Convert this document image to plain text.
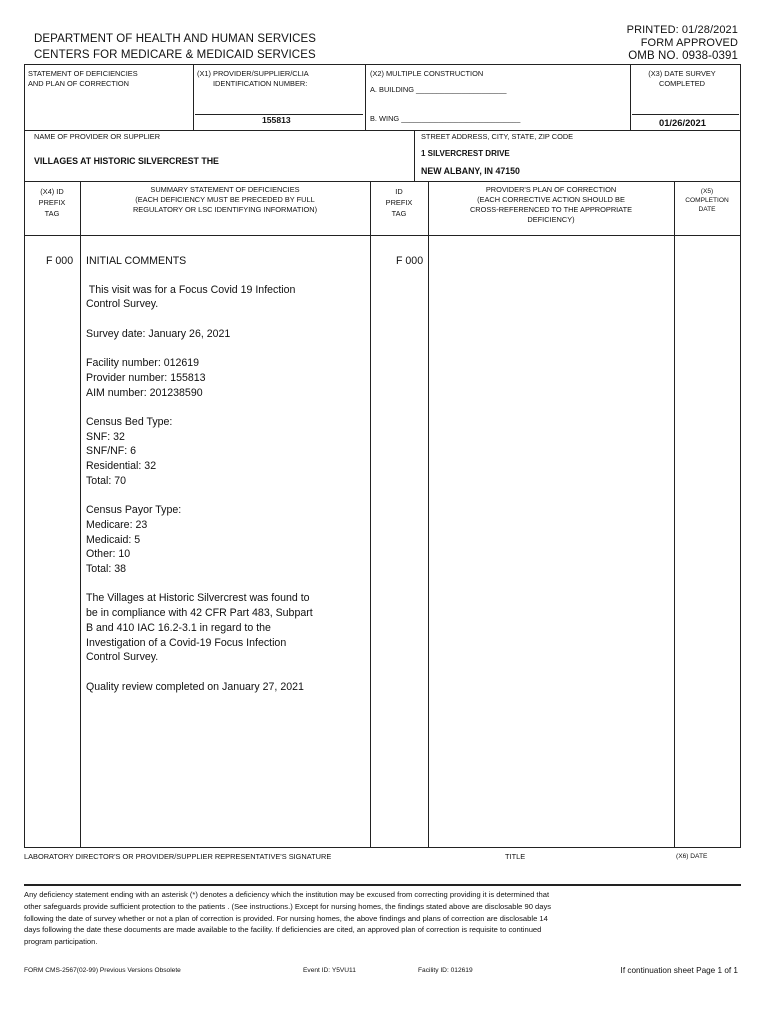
DEPARTMENT OF HEALTH AND HUMAN SERVICES
CENTERS FOR MEDICARE & MEDICAID SERVICES
PRINTED: 01/28/2021
FORM APPROVED
OMB NO. 0938-0391
STATEMENT OF DEFICIENCIES
AND PLAN OF CORRECTION
(X1) PROVIDER/SUPPLIER/CLIA
IDENTIFICATION NUMBER:
155813
(X2) MULTIPLE CONSTRUCTION
A. BUILDING ______________________
B. WING _____________________________
(X3) DATE SURVEY
COMPLETED
01/26/2021
NAME OF PROVIDER OR SUPPLIER
VILLAGES AT HISTORIC SILVERCREST THE
STREET ADDRESS, CITY, STATE, ZIP CODE
1 SILVERCREST DRIVE
NEW ALBANY, IN 47150
(X4) ID
PREFIX
TAG
SUMMARY STATEMENT OF DEFICIENCIES
(EACH DEFICIENCY MUST BE PRECEDED BY FULL
REGULATORY OR LSC IDENTIFYING INFORMATION)
ID
PREFIX
TAG
PROVIDER'S PLAN OF CORRECTION
(EACH CORRECTIVE ACTION SHOULD BE
CROSS-REFERENCED TO THE APPROPRIATE
DEFICIENCY)
(X5)
COMPLETION
DATE
F 000	F 000
INITIAL COMMENTS
This visit was for a Focus Covid 19 Infection
Control Survey.
Survey date: January 26, 2021
Facility number: 012619
Provider number: 155813
AIM number: 201238590
Census Bed Type:
SNF: 32
SNF/NF: 6
Residential: 32
Total: 70
Census Payor Type:
Medicare: 23
Medicaid: 5
Other: 10
Total: 38
The Villages at Historic Silvercrest was found to
be in compliance with 42 CFR Part 483, Subpart
B and 410 IAC 16.2-3.1 in regard to the
Investigation of a Covid-19 Focus Infection
Control Survey.
Quality review completed on January 27, 2021
LABORATORY DIRECTOR'S OR PROVIDER/SUPPLIER REPRESENTATIVE'S SIGNATURE	TITLE	(X6) DATE
Any deficiency statement ending with an asterisk (*) denotes a deficiency which the institution may be excused from correcting providing it is determined that
other safeguards provide sufficient protection to the patients . (See instructions.) Except for nursing homes, the findings stated above are disclosable 90 days
following the date of survey whether or not a plan of correction is provided. For nursing homes, the above findings and plans of correction are disclosable 14
days following the date these documents are made available to the facility. If deficiencies are cited, an approved plan of correction is requisite to continued
program participation.
FORM CMS-2567(02-99) Previous Versions Obsolete	Event ID: Y5VU11	Facility ID: 012619	If continuation sheet Page 1 of 1
